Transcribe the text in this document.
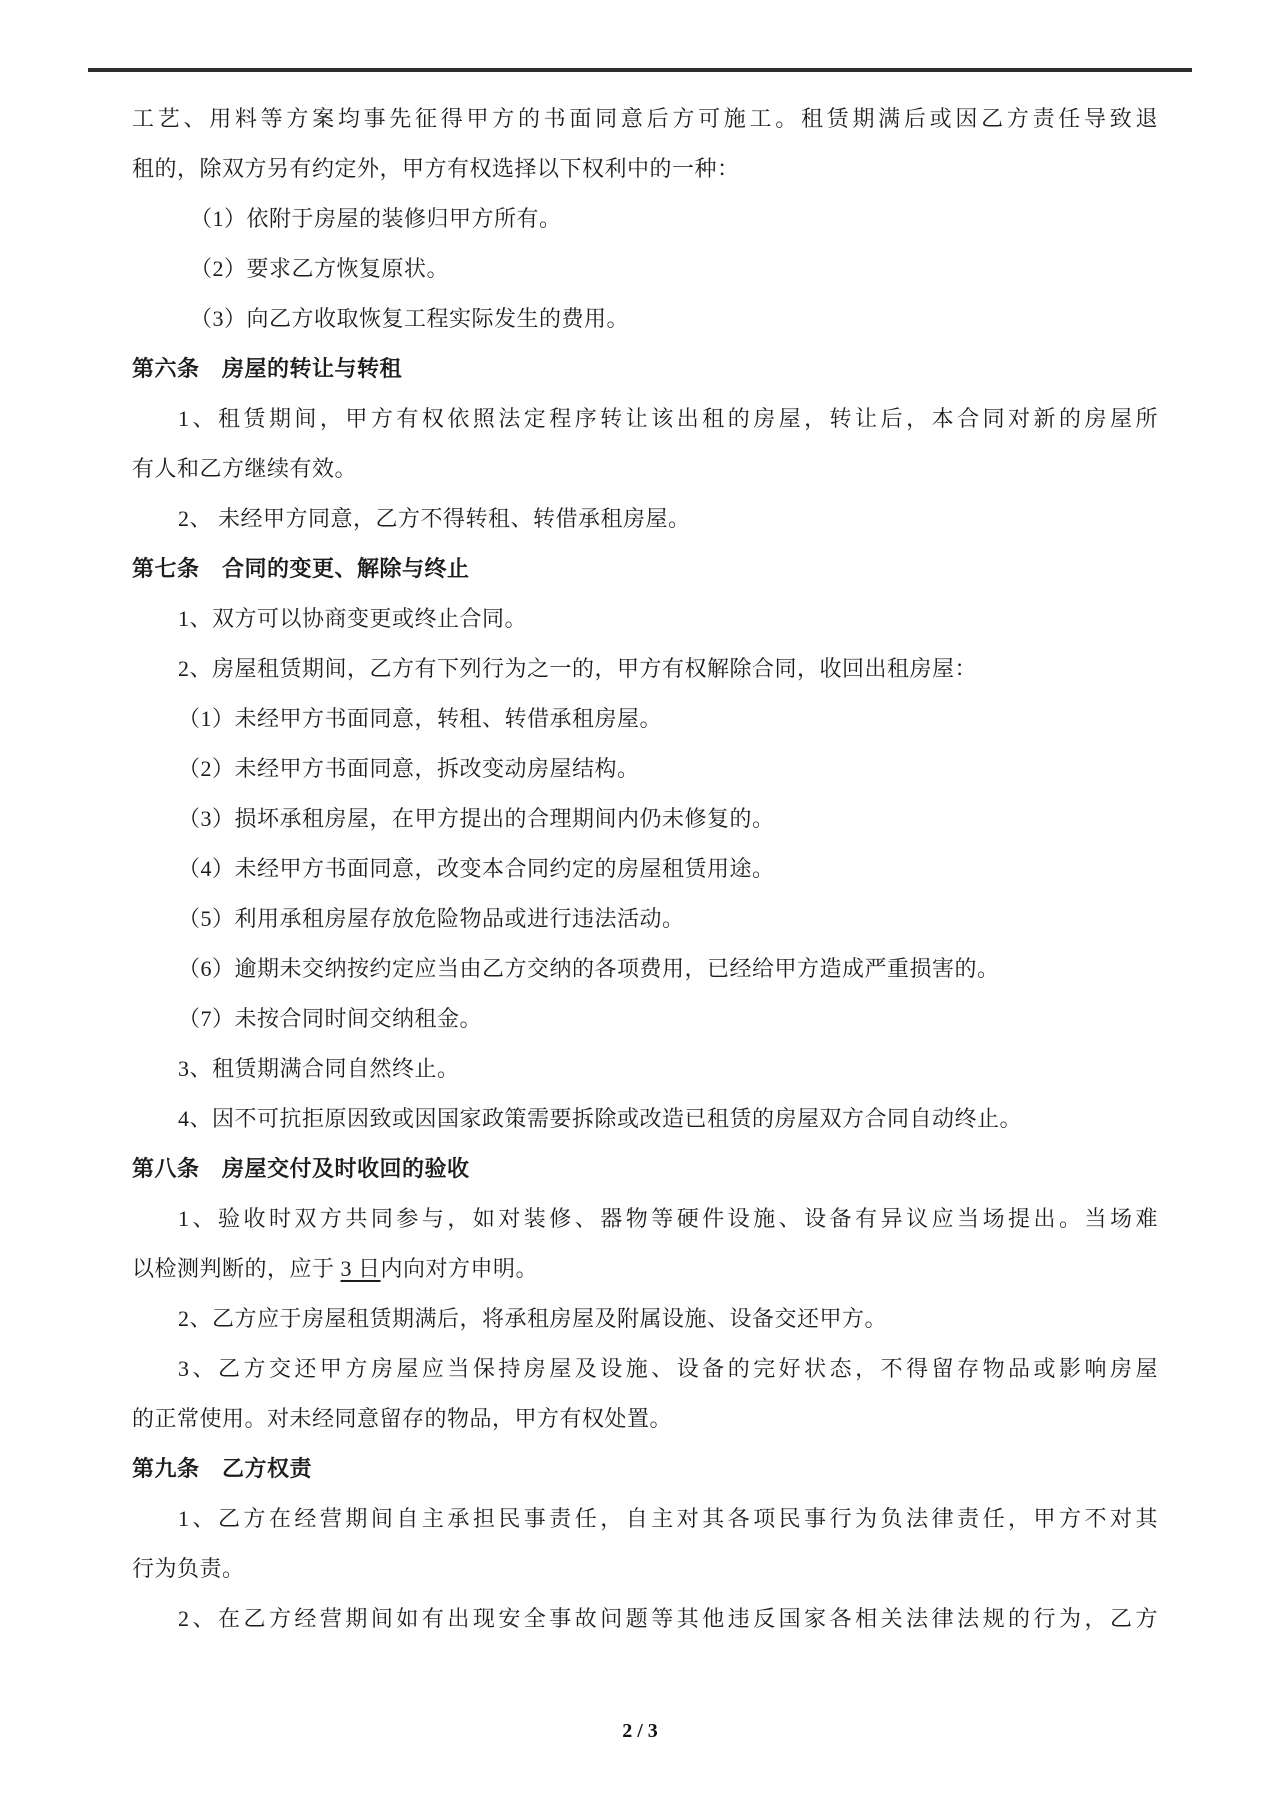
工艺、用料等方案均事先征得甲方的书面同意后方可施工。租赁期满后或因乙方责任导致退

租的，除双方另有约定外，甲方有权选择以下权利中的一种：

（1）依附于房屋的装修归甲方所有。

（2）要求乙方恢复原状。

（3）向乙方收取恢复工程实际发生的费用。

第六条　房屋的转让与转租

1、租赁期间，甲方有权依照法定程序转让该出租的房屋，转让后，本合同对新的房屋所

有人和乙方继续有效。

2、 未经甲方同意，乙方不得转租、转借承租房屋。

第七条　合同的变更、解除与终止

1、双方可以协商变更或终止合同。

2、房屋租赁期间，乙方有下列行为之一的，甲方有权解除合同，收回出租房屋：

（1）未经甲方书面同意，转租、转借承租房屋。

（2）未经甲方书面同意，拆改变动房屋结构。

（3）损坏承租房屋，在甲方提出的合理期间内仍未修复的。

（4）未经甲方书面同意，改变本合同约定的房屋租赁用途。

（5）利用承租房屋存放危险物品或进行违法活动。

（6）逾期未交纳按约定应当由乙方交纳的各项费用，已经给甲方造成严重损害的。

（7）未按合同时间交纳租金。

3、租赁期满合同自然终止。

4、因不可抗拒原因致或因国家政策需要拆除或改造已租赁的房屋双方合同自动终止。

第八条　房屋交付及时收回的验收

1、验收时双方共同参与，如对装修、器物等硬件设施、设备有异议应当场提出。当场难

以检测判断的，应于 3 日内向对方申明。

2、乙方应于房屋租赁期满后，将承租房屋及附属设施、设备交还甲方。

3、乙方交还甲方房屋应当保持房屋及设施、设备的完好状态，不得留存物品或影响房屋

的正常使用。对未经同意留存的物品，甲方有权处置。

第九条　乙方权责

1、乙方在经营期间自主承担民事责任，自主对其各项民事行为负法律责任，甲方不对其

行为负责。

2、在乙方经营期间如有出现安全事故问题等其他违反国家各相关法律法规的行为，乙方

2 / 3
